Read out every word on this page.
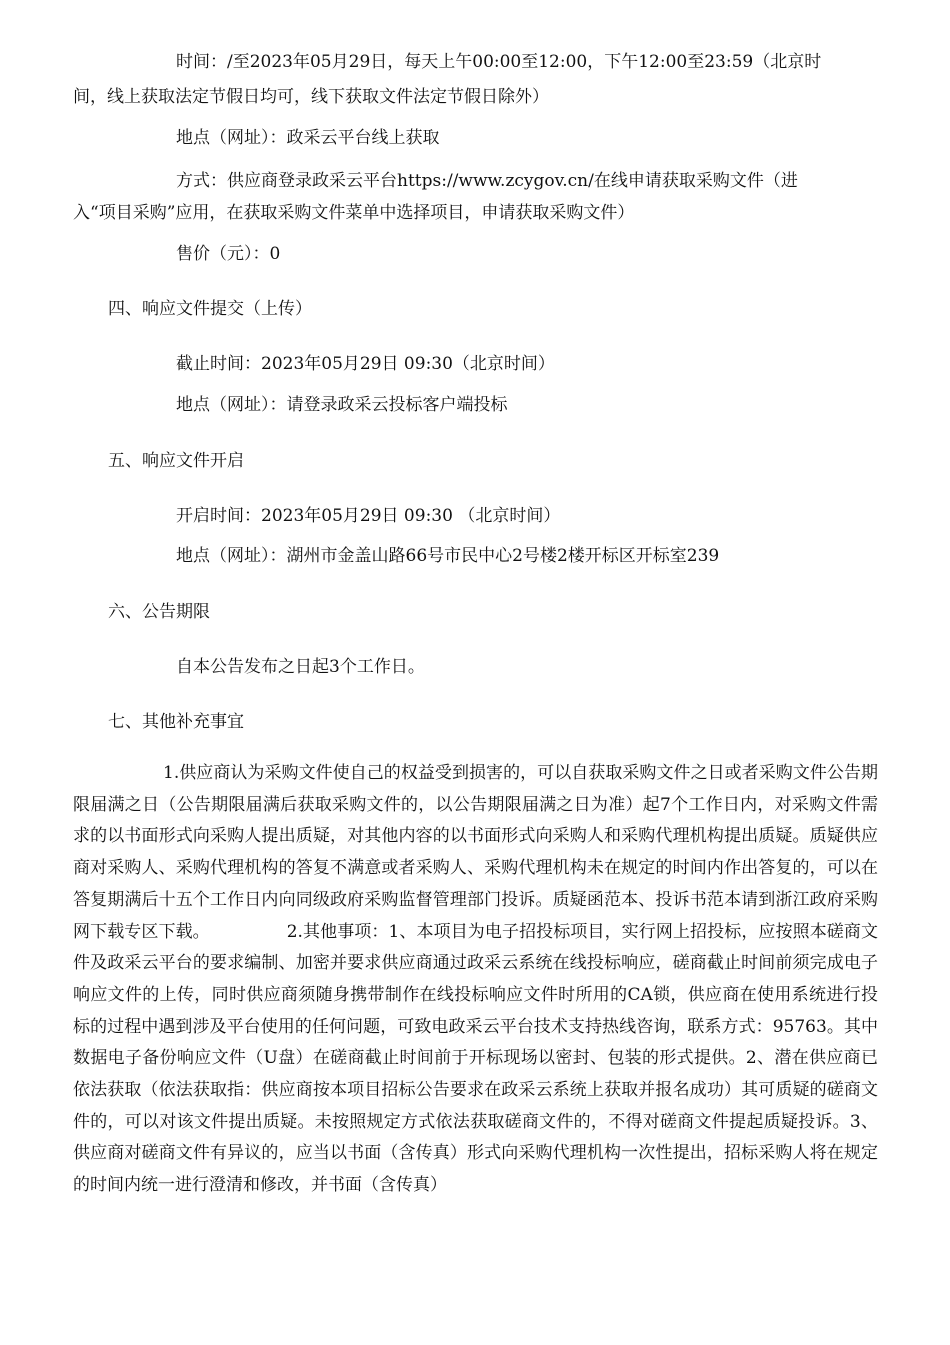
时间：/至2023年05月29日，每天上午00:00至12:00，下午12:00至23:59（北京时
间，线上获取法定节假日均可，线下获取文件法定节假日除外）
地点（网址）：政采云平台线上获取
方式：供应商登录政采云平台https://www.zcygov.cn/在线申请获取采购文件（进
入“项目采购”应用，在获取采购文件菜单中选择项目，申请获取采购文件）
售价（元）：0
四、响应文件提交（上传）
截止时间：2023年05月29日 09:30（北京时间）
地点（网址）：请登录政采云投标客户端投标
五、响应文件开启
开启时间：2023年05月29日 09:30 （北京时间）
地点（网址）：湖州市金盖山路66号市民中心2号楼2楼开标区开标室239
六、公告期限
自本公告发布之日起3个工作日。
七、其他补充事宜
1.供应商认为采购文件使自己的权益受到损害的，可以自获取采购文件之日或者采购文件公告期限届满之日（公告期限届满后获取采购文件的，以公告期限届满之日为准）起7个工作日内，对采购文件需求的以书面形式向采购人提出质疑，对其他内容的以书面形式向采购人和采购代理机构提出质疑。质疑供应商对采购人、采购代理机构的答复不满意或者采购人、采购代理机构未在规定的时间内作出答复的，可以在答复期满后十五个工作日内向同级政府采购监督管理部门投诉。质疑函范本、投诉书范本请到浙江政府采购网下载专区下载。　　　　　2.其他事项：1、本项目为电子招投标项目，实行网上招投标，应按照本磋商文件及政采云平台的要求编制、加密并要求供应商通过政采云系统在线投标响应，磋商截止时间前须完成电子响应文件的上传，同时供应商须随身携带制作在线投标响应文件时所用的CA锁，供应商在使用系统进行投标的过程中遇到涉及平台使用的任何问题，可致电政采云平台技术支持热线咨询，联系方式：95763。其中数据电子备份响应文件（U盘）在磋商截止时间前于开标现场以密封、包装的形式提供。2、潜在供应商已依法获取（依法获取指：供应商按本项目招标公告要求在政采云系统上获取并报名成功）其可质疑的磋商文件的，可以对该文件提出质疑。未按照规定方式依法获取磋商文件的，不得对磋商文件提起质疑投诉。3、供应商对磋商文件有异议的，应当以书面（含传真）形式向采购代理机构一次性提出，招标采购人将在规定的时间内统一进行澄清和修改，并书面（含传真）
